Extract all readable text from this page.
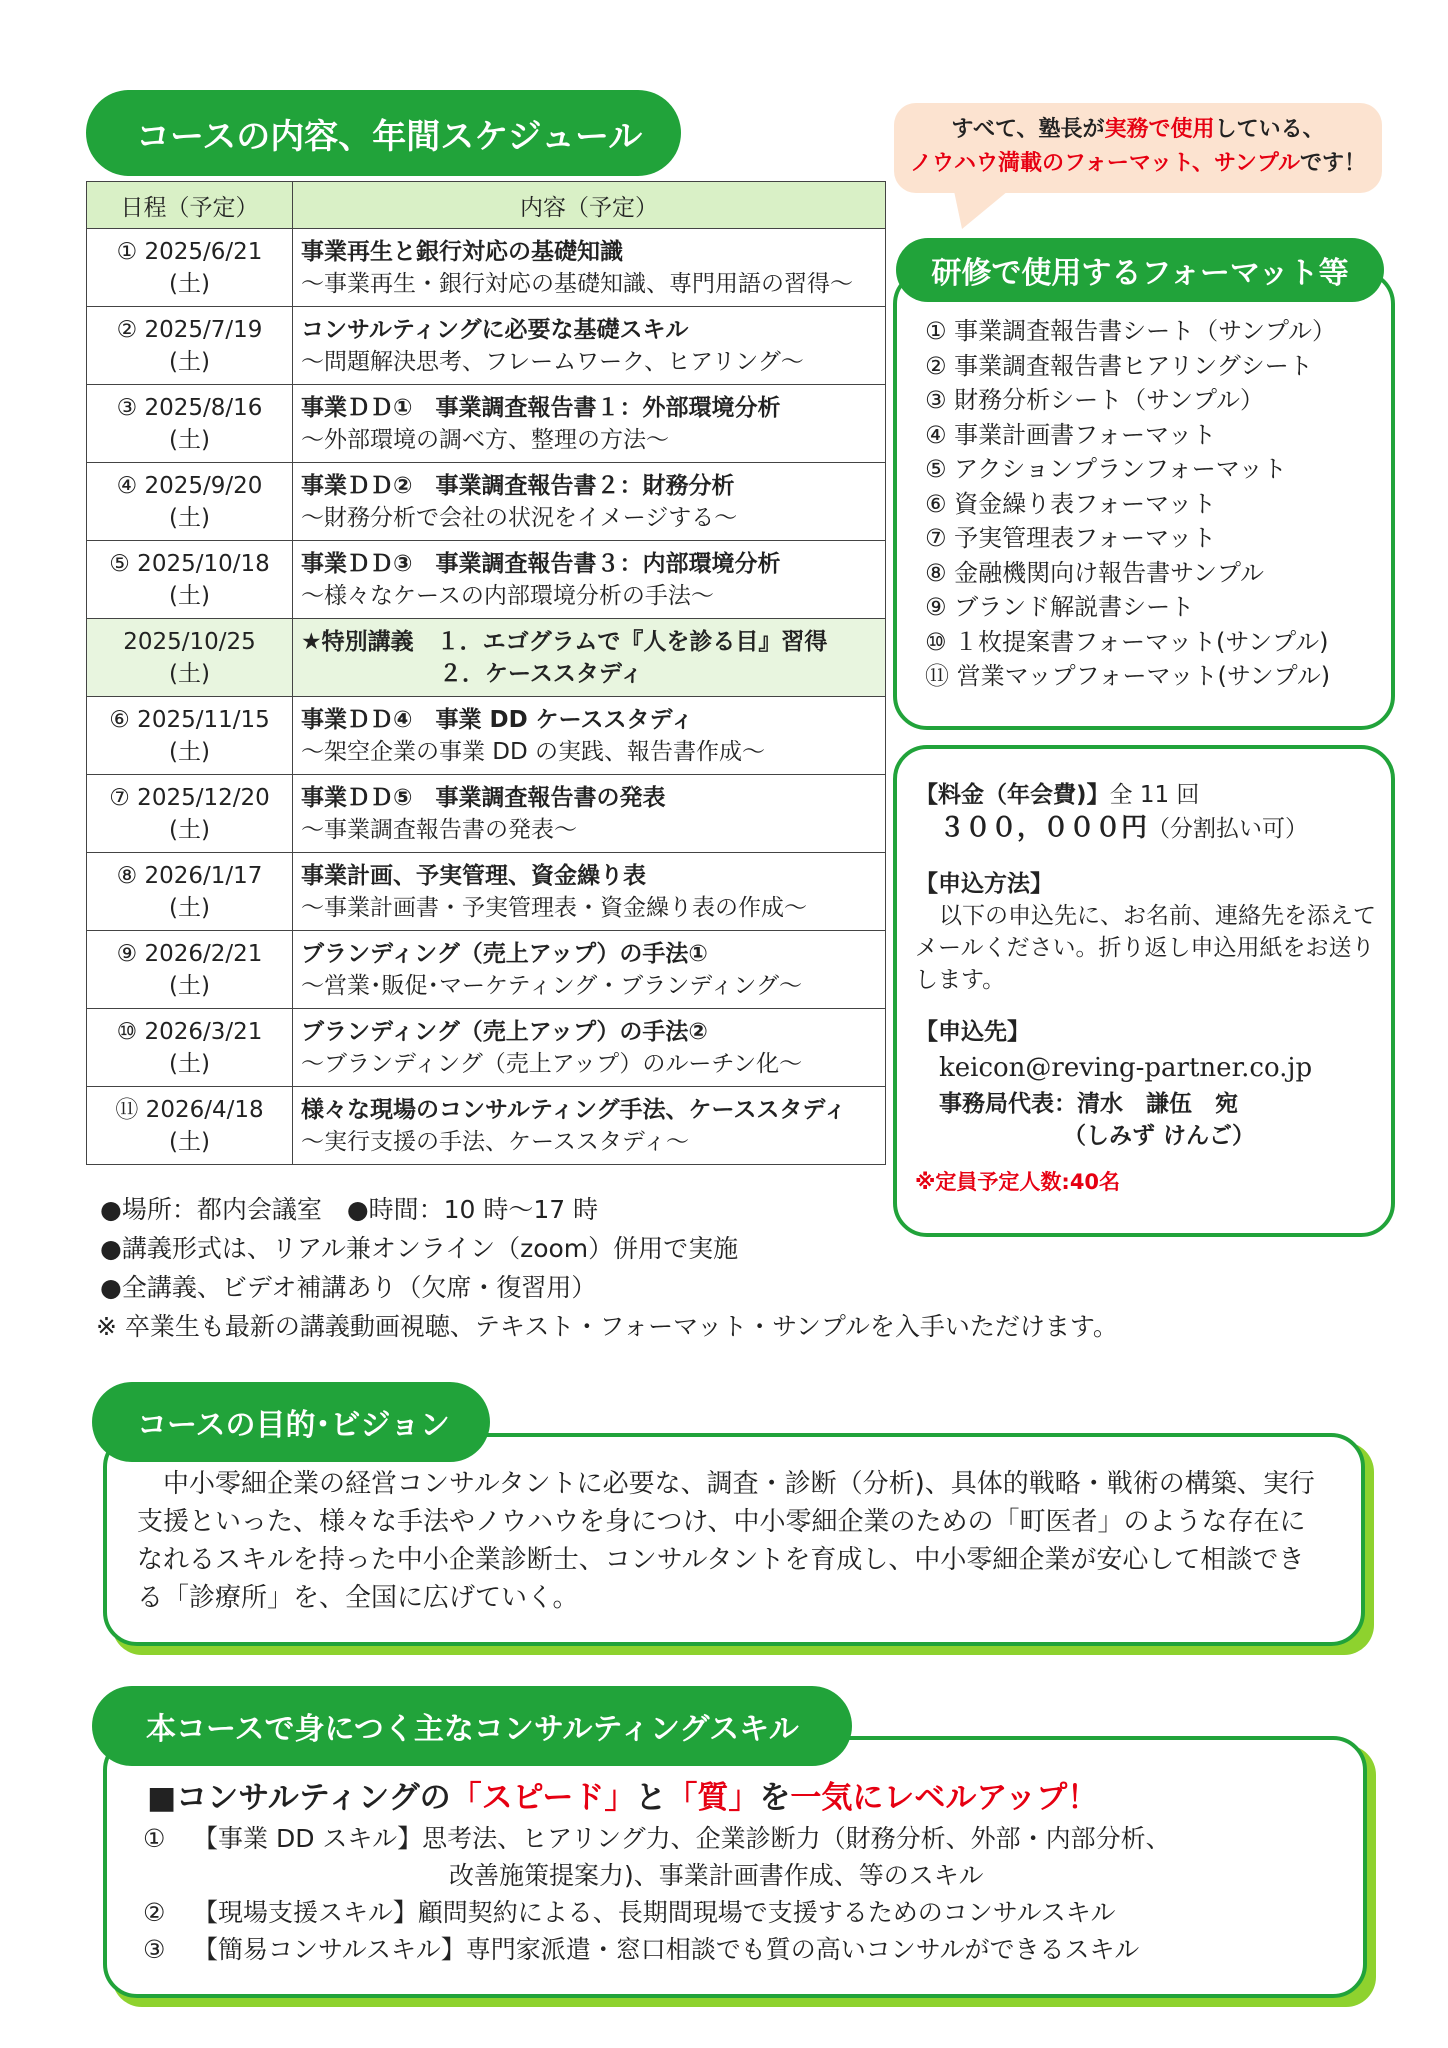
コースの内容、年間スケジュール
日程（予定）	内容（予定）

① 2025/6/21
(土)	事業再生と銀行対応の基礎知識
〜事業再生・銀行対応の基礎知識、専門用語の習得〜

② 2025/7/19
(土)	コンサルティングに必要な基礎スキル
〜問題解決思考、フレームワーク、ヒアリング〜

③ 2025/8/16
(土)	事業ＤＤ①　事業調査報告書１：外部環境分析
〜外部環境の調べ方、整理の方法〜

④ 2025/9/20
(土)	事業ＤＤ②　事業調査報告書２：財務分析
〜財務分析で会社の状況をイメージする〜

⑤ 2025/10/18
(土)	事業ＤＤ③　事業調査報告書３：内部環境分析
〜様々なケースの内部環境分析の手法〜

2025/10/25
(土)	★特別講義　１．エゴグラムで『人を診る目』習得
　　　　　　２．ケーススタディ

⑥ 2025/11/15
(土)	事業ＤＤ④　事業 DD ケーススタディ
〜架空企業の事業 DD の実践、報告書作成〜

⑦ 2025/12/20
(土)	事業ＤＤ⑤　事業調査報告書の発表
〜事業調査報告書の発表〜

⑧ 2026/1/17
(土)	事業計画、予実管理、資金繰り表
〜事業計画書・予実管理表・資金繰り表の作成〜

⑨ 2026/2/21
(土)	ブランディング（売上アップ）の手法①
〜営業･販促･マーケティング・ブランディング〜

⑩ 2026/3/21
(土)	ブランディング（売上アップ）の手法②
〜ブランディング（売上アップ）のルーチン化〜

⑪ 2026/4/18
(土)	様々な現場のコンサルティング手法、ケーススタディ
〜実行支援の手法、ケーススタディ〜
すべて、塾長が実務で使用している、
ノウハウ満載のフォーマット、サンプルです！
① 事業調査報告書シート（サンプル）
② 事業調査報告書ヒアリングシート
③ 財務分析シート（サンプル）
④ 事業計画書フォーマット
⑤ アクションプランフォーマット
⑥ 資金繰り表フォーマット
⑦ 予実管理表フォーマット
⑧ 金融機関向け報告書サンプル
⑨ ブランド解説書シート
⑩ １枚提案書フォーマット(サンプル)
⑪ 営業マップフォーマット(サンプル)
研修で使用するフォーマット等
【料金（年会費)】全 11 回
３００，０００円（分割払い可）
【申込方法】
以下の申込先に、お名前、連絡先を添えてメールください。折り返し申込用紙をお送りします。
【申込先】
keicon@reving-partner.co.jp
事務局代表：清水　謙伍　宛
（しみず けんご）
※定員予定人数:40名
●場所：都内会議室　●時間：10 時〜17 時
●講義形式は、リアル兼オンライン（zoom）併用で実施
●全講義、ビデオ補講あり（欠席・復習用）
※ 卒業生も最新の講義動画視聴、テキスト・フォーマット・サンプルを入手いただけます。
　中小零細企業の経営コンサルタントに必要な、調査・診断（分析)、具体的戦略・戦術の構築、実行支援といった、様々な手法やノウハウを身につけ、中小零細企業のための「町医者」のような存在になれるスキルを持った中小企業診断士、コンサルタントを育成し、中小零細企業が安心して相談できる「診療所」を、全国に広げていく。
コースの目的･ビジョン
■コンサルティングの「スピード」と「質」を一気にレベルアップ！
① 【事業 DD スキル】思考法、ヒアリング力、企業診断力（財務分析、外部・内部分析、
改善施策提案力)、事業計画書作成、等のスキル
② 【現場支援スキル】顧問契約による、長期間現場で支援するためのコンサルスキル
③ 【簡易コンサルスキル】専門家派遣・窓口相談でも質の高いコンサルができるスキル
本コースで身につく主なコンサルティングスキル
